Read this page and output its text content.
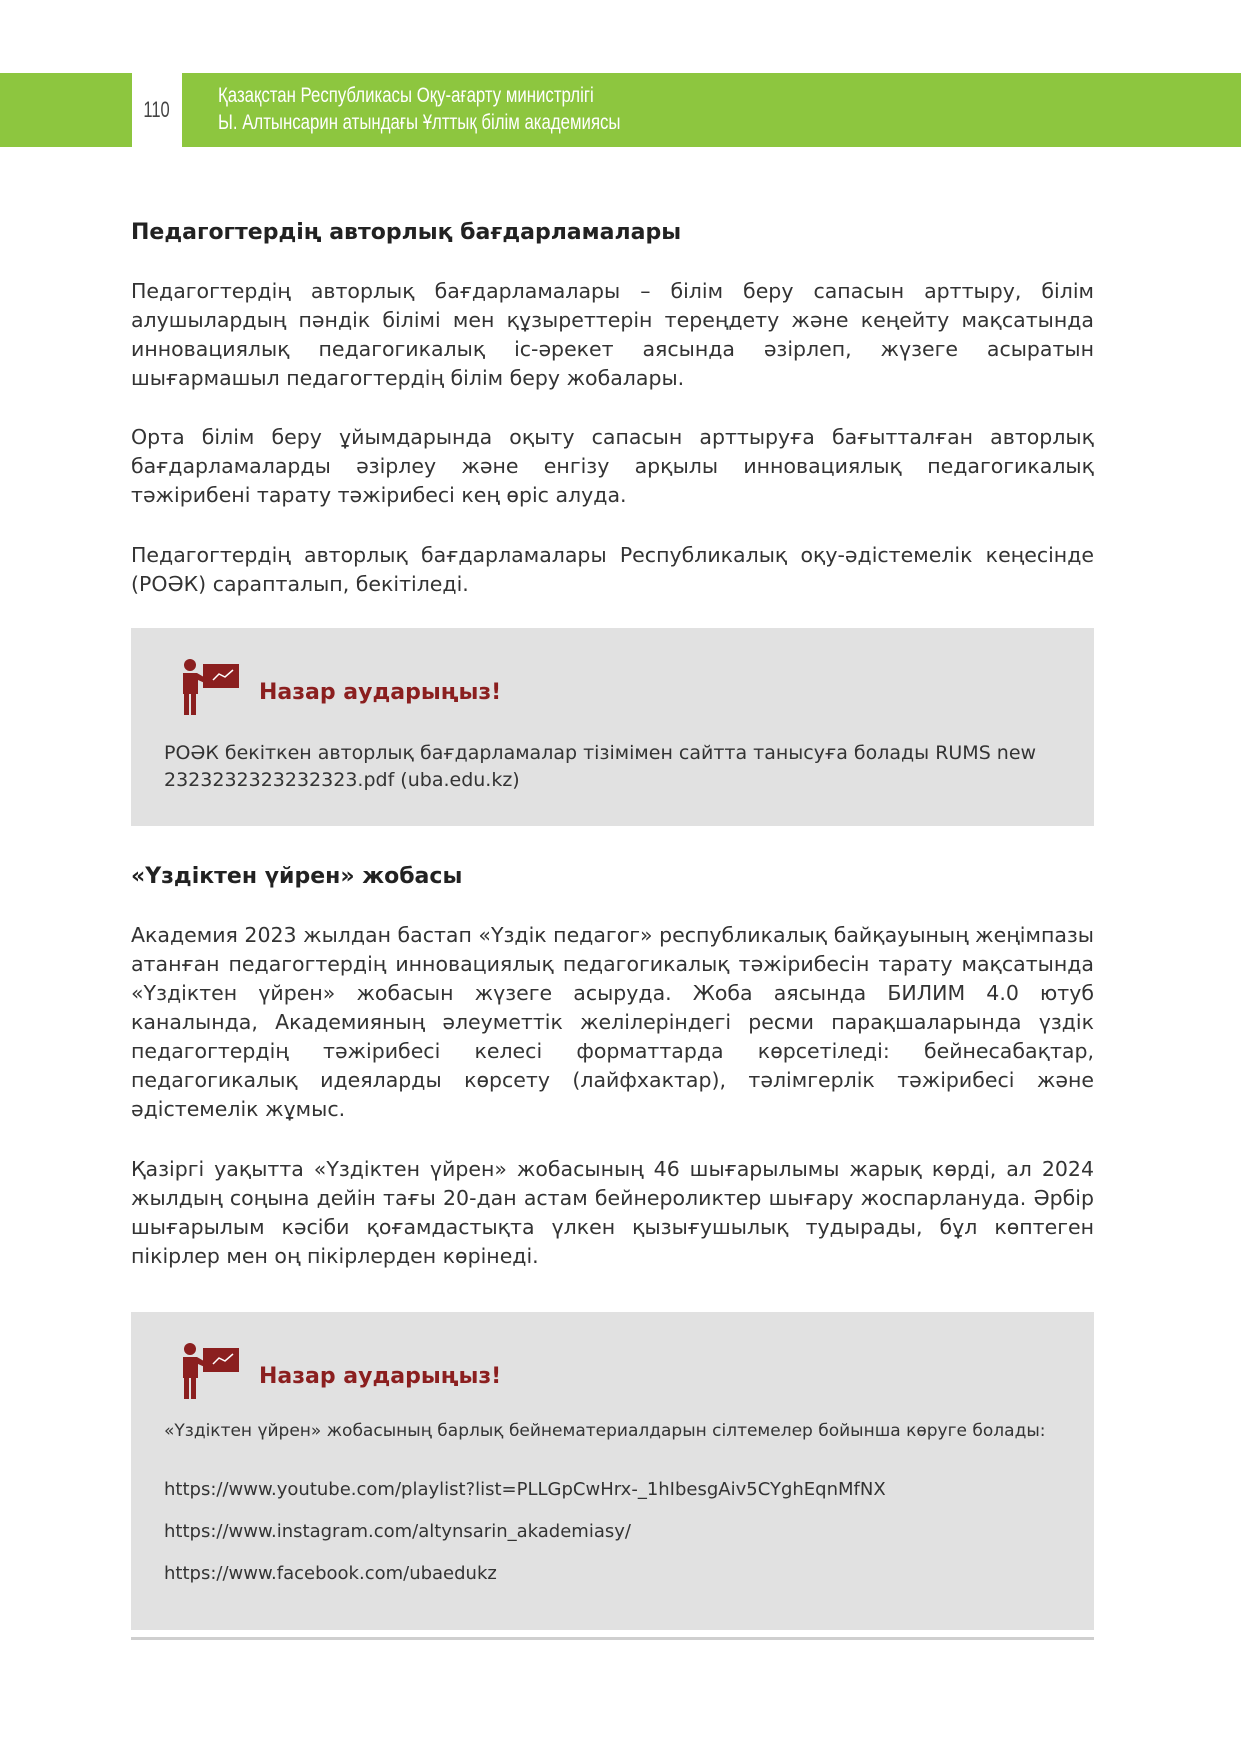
110
Қазақстан Республикасы Оқу-ағарту министрлігі
Ы. Алтынсарин атындағы Ұлттық білім академиясы
Педагогтердің авторлық бағдарламалары

Педагогтердің авторлық бағдарламалары – білім беру сапасын арттыру, білім алушылардың пәндік білімі мен құзыреттерін тереңдету және кеңейту мақсатында инновациялық педагогикалық іс-әрекет аясында әзірлеп, жүзеге асыратын шығармашыл педагогтердің білім беру жобалары.

Орта білім беру ұйымдарында оқыту сапасын арттыруға бағытталған авторлық бағдарламаларды әзірлеу және енгізу арқылы инновациялық педагогикалық тәжірибені тарату тәжірибесі кең өріс алуда.

Педагогтердің авторлық бағдарламалары Республикалық оқу-әдістемелік кеңесінде (РОӘК) сарапталып, бекітіледі.

Назар аударыңыз!
РОӘК бекіткен авторлық бағдарламалар тізімімен сайтта танысуға болады RUMS new 2323232323232323.pdf (uba.edu.kz)
«Үздіктен үйрен» жобасы

Академия 2023 жылдан бастап «Үздік педагог» республикалық байқауының жеңімпазы атанған педагогтердің инновациялық педагогикалық тәжірибесін тарату мақсатында «Үздіктен үйрен» жобасын жүзеге асыруда. Жоба аясында БИЛИМ 4.0 ютуб каналында, Академияның әлеуметтік желілеріндегі ресми парақшаларында үздік педагогтердің тәжірибесі келесі форматтарда көрсетіледі: бейнесабақтар, педагогикалық идеяларды көрсету (лайфхактар), тәлімгерлік тәжірибесі және әдістемелік жұмыс.

Қазіргі уақытта «Үздіктен үйрен» жобасының 46 шығарылымы жарық көрді, ал 2024 жылдың соңына дейін тағы 20-дан астам бейнероликтер шығару жоспарлануда. Әрбір шығарылым кәсіби қоғамдастықта үлкен қызығушылық тудырады, бұл көптеген пікірлер мен оң пікірлерден көрінеді.

Назар аударыңыз!
«Үздіктен үйрен» жобасының барлық бейнематериалдарын сілтемелер бойынша көруге болады:
https://www.youtube.com/playlist?list=PLLGpCwHrx-_1hIbesgAiv5CYghEqnMfNX
https://www.instagram.com/altynsarin_akademiasy/
https://www.facebook.com/ubaedukz
